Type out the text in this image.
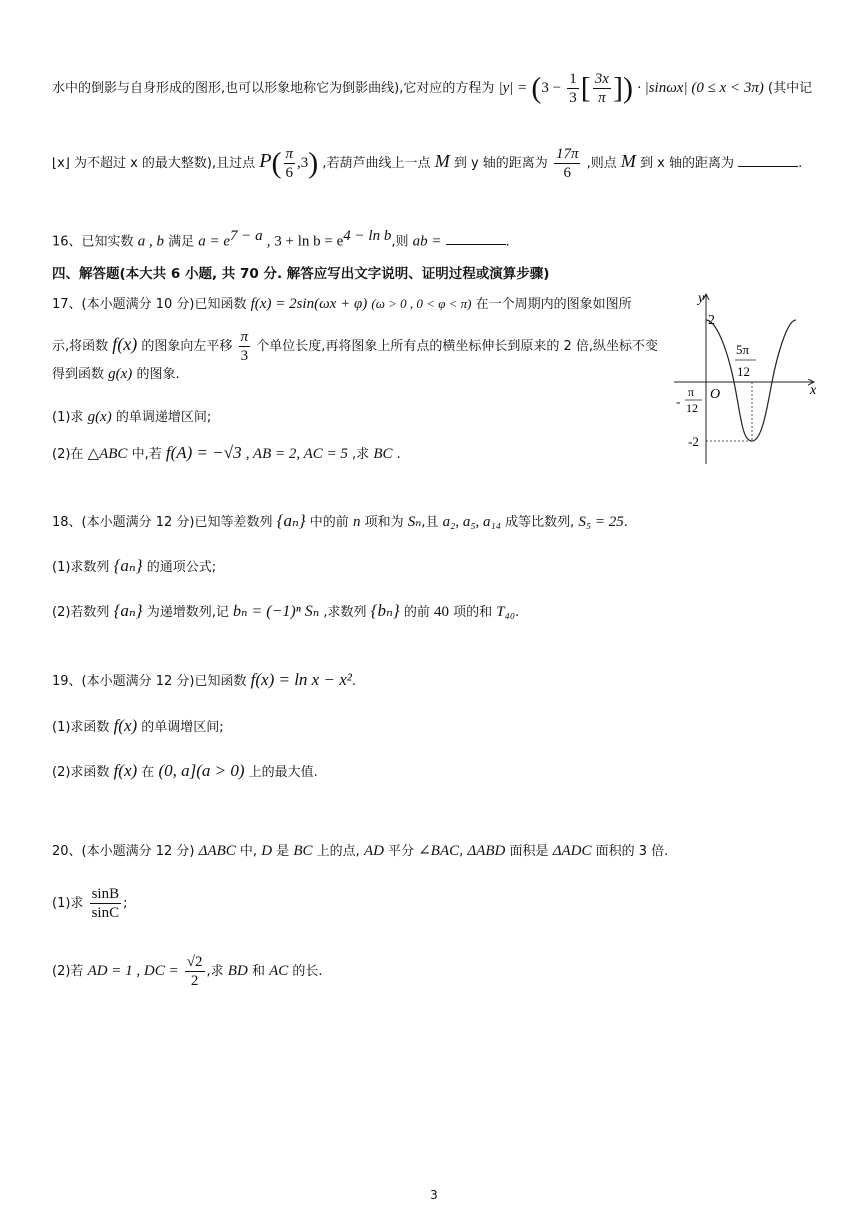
水中的倒影与自身形成的图形,也可以形象地称它为倒影曲线),它对应的方程为 $|y| = (3 - \frac{1}{3}$ [ $\frac{3x}{\pi}$ ]) · |sinωx| (0 ≤ x < 3π) (其中记
⌊x⌋ 为不超过 x 的最大整数),且过点 $P( \frac{\pi}{6} ,3)$ ,若葫芦曲线上一点 M 到 y 轴的距离为 $\frac{17\pi}{6}$ ,则点 M 到 x 轴的距离为	.
16、已知实数 a , b 满足 $a = e^{7 - a}$ , $3 + \ln b = e^{4 - ln b}$,则 ab =	.
四、解答题(本大共 6 小题, 共 70 分. 解答应写出文字说明、证明过程或演算步骤)
17、(本小题满分 10 分)已知函数 f(x) = 2sin(ωx + φ) (ω > 0 , 0 < φ < π) 在一个周期内的图象如图所
示,将函数 f(x) 的图象向左平移 $\frac{\pi}{3}$ 个单位长度,再将图象上所有点的横坐标伸长到原来的 2 倍,纵坐标不变
得到函数 g(x) 的图象.
(1)求 g(x) 的单调递增区间;
(2)在 △ABC 中,若 f(A) = −√3 , AB = 2, AC = 5 ,求 BC .
y
x
O
2
-2
5π
12
-
π
12
18、(本小题满分 12 分)已知等差数列 {aₙ} 中的前 n 项和为 Sₙ,且 a₂, a₅, a₁₄ 成等比数列, S₅ = 25.
(1)求数列 {aₙ} 的通项公式;
(2)若数列 {aₙ} 为递增数列,记 bₙ = (−1)ⁿ Sₙ ,求数列 {bₙ} 的前 40 项的和 T₄₀.
19、(本小题满分 12 分)已知函数 f(x) = ln x − x².
(1)求函数 f(x) 的单调增区间;
(2)求函数 f(x) 在 (0, a](a > 0) 上的最大值.
20、(本小题满分 12 分) ΔABC 中, D 是 BC 上的点, AD 平分 ∠BAC, ΔABD 面积是 ΔADC 面积的 3 倍.
(1)求 $\frac{\sin B}{\sin C}$ ;
(2)若 AD = 1 , DC = $\frac{√2}{2}$ ,求 BD 和 AC 的长.
3
